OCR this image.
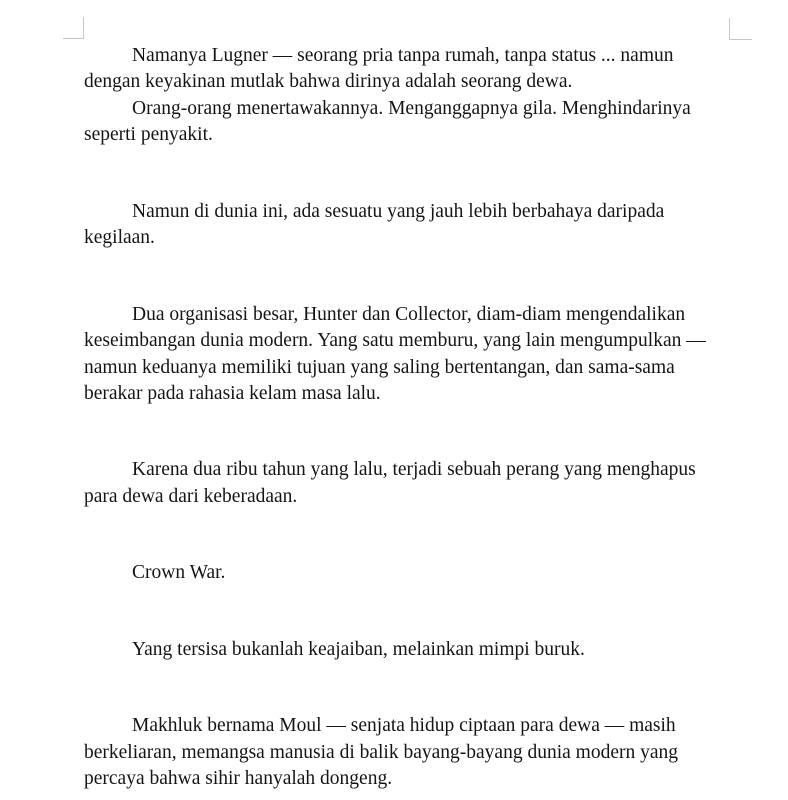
Namanya Lugner — seorang pria tanpa rumah, tanpa status ... namun
dengan keyakinan mutlak bahwa dirinya adalah seorang dewa.

Orang-orang menertawakannya. Menganggapnya gila. Menghindarinya
seperti penyakit.

Namun di dunia ini, ada sesuatu yang jauh lebih berbahaya daripada
kegilaan.

Dua organisasi besar, Hunter dan Collector, diam-diam mengendalikan
keseimbangan dunia modern. Yang satu memburu, yang lain mengumpulkan —
namun keduanya memiliki tujuan yang saling bertentangan, dan sama-sama
berakar pada rahasia kelam masa lalu.

Karena dua ribu tahun yang lalu, terjadi sebuah perang yang menghapus
para dewa dari keberadaan.

Crown War.

Yang tersisa bukanlah keajaiban, melainkan mimpi buruk.

Makhluk bernama Moul — senjata hidup ciptaan para dewa — masih
berkeliaran, memangsa manusia di balik bayang-bayang dunia modern yang
percaya bahwa sihir hanyalah dongeng.
